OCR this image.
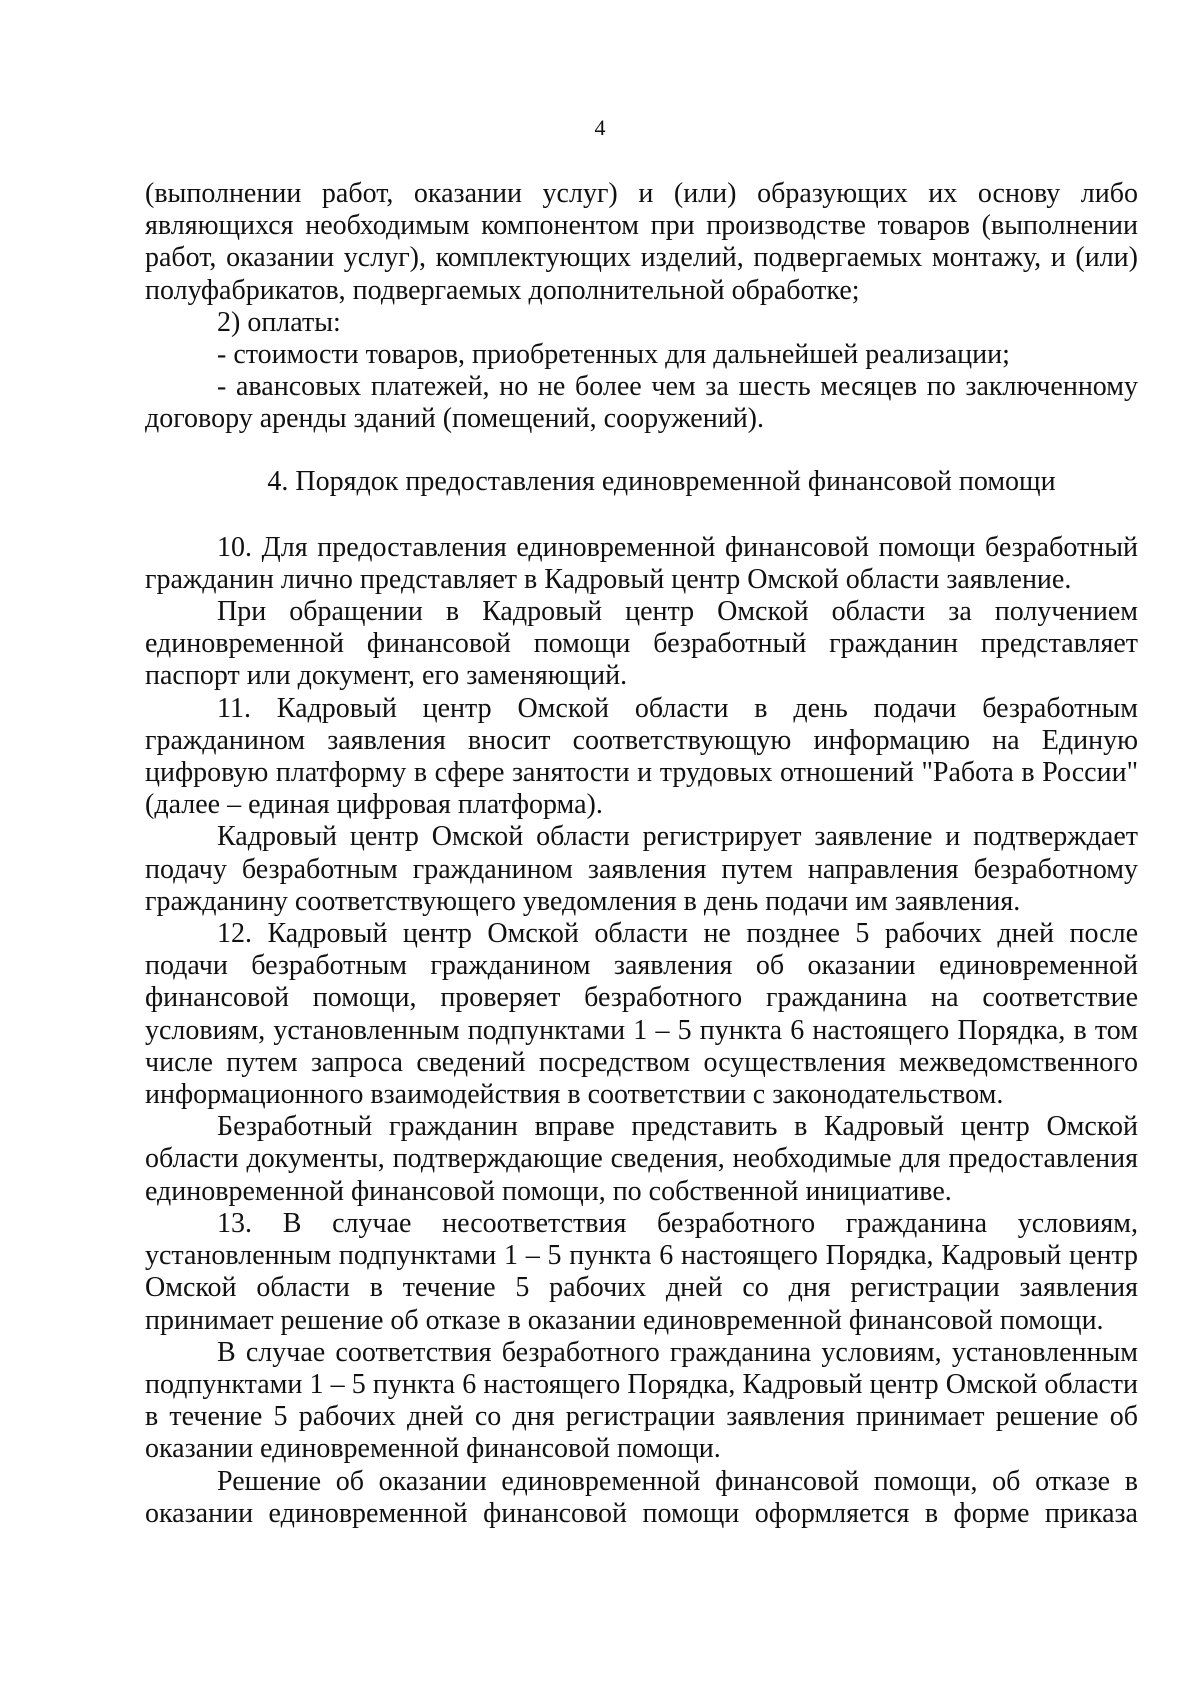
4

(выполнении работ, оказании услуг) и (или) образующих их основу либо являющихся необходимым компонентом при производстве товаров (выполнении работ, оказании услуг), комплектующих изделий, подвергаемых монтажу, и (или) полуфабрикатов, подвергаемых дополнительной обработке;

2) оплаты:

- стоимости товаров, приобретенных для дальнейшей реализации;

- авансовых платежей, но не более чем за шесть месяцев по заключенному договору аренды зданий (помещений, сооружений).

4. Порядок предоставления единовременной финансовой помощи

10. Для предоставления единовременной финансовой помощи безработный гражданин лично представляет в Кадровый центр Омской области заявление.

При обращении в Кадровый центр Омской области за получением единовременной финансовой помощи безработный гражданин представляет паспорт или документ, его заменяющий.

11. Кадровый центр Омской области в день подачи безработным гражданином заявления вносит соответствующую информацию на Единую цифровую платформу в сфере занятости и трудовых отношений "Работа в России" (далее – единая цифровая платформа).

Кадровый центр Омской области регистрирует заявление и подтверждает подачу безработным гражданином заявления путем направления безработному гражданину соответствующего уведомления в день подачи им заявления.

12. Кадровый центр Омской области не позднее 5 рабочих дней после подачи безработным гражданином заявления об оказании единовременной финансовой помощи, проверяет безработного гражданина на соответствие условиям, установленным подпунктами 1 – 5 пункта 6 настоящего Порядка, в том числе путем запроса сведений посредством осуществления межведомственного информационного взаимодействия в соответствии с законодательством.

Безработный гражданин вправе представить в Кадровый центр Омской области документы, подтверждающие сведения, необходимые для предоставления единовременной финансовой помощи, по собственной инициативе.

13. В случае несоответствия безработного гражданина условиям, установленным подпунктами 1 – 5 пункта 6 настоящего Порядка, Кадровый центр Омской области в течение 5 рабочих дней со дня регистрации заявления принимает решение об отказе в оказании единовременной финансовой помощи.

В случае соответствия безработного гражданина условиям, установленным подпунктами 1 – 5 пункта 6 настоящего Порядка, Кадровый центр Омской области в течение 5 рабочих дней со дня регистрации заявления принимает решение об оказании единовременной финансовой помощи.

Решение об оказании единовременной финансовой помощи, об отказе в оказании единовременной финансовой помощи оформляется в форме приказа
